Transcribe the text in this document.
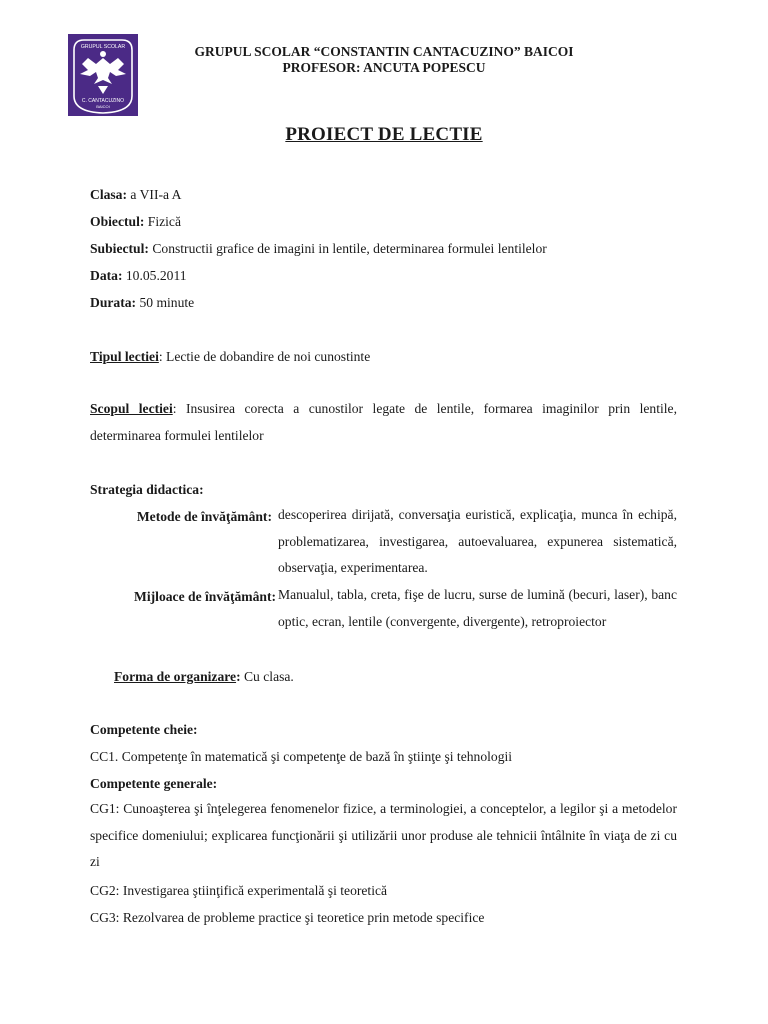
GRUPUL SCOLAR
C. CANTACUZINO
BAICOI
GRUPUL SCOLAR “CONSTANTIN CANTACUZINO” BAICOI
PROFESOR: ANCUTA POPESCU
PROIECT DE LECTIE
Clasa: a VII-a A
Obiectul: Fizică
Subiectul: Constructii grafice de imagini in lentile, determinarea formulei lentilelor
Data: 10.05.2011
Durata: 50 minute
Tipul lectiei: Lectie de dobandire de noi cunostinte
Scopul lectiei: Insusirea corecta a cunostilor legate de lentile, formarea imaginilor prin lentile, determinarea formulei lentilelor
Strategia didactica:
Metode de învăţământ: descoperirea dirijată, conversaţia euristică, explicaţia, munca în echipă, problematizarea, investigarea, autoevaluarea, expunerea sistematică, observaţia, experimentarea.
Mijloace de învăţământ: Manualul, tabla, creta, fişe de lucru, surse de lumină (becuri, laser), banc optic, ecran, lentile (convergente, divergente), retroproiector
Forma de organizare: Cu clasa.
Competente cheie:
CC1. Competenţe în matematică şi competenţe de bază în ştiinţe şi tehnologii
Competente generale:
CG1: Cunoaşterea şi înţelegerea fenomenelor fizice, a terminologiei, a conceptelor, a legilor şi a metodelor specifice domeniului; explicarea funcţionării şi utilizării unor produse ale tehnicii întâlnite în viaţa de zi cu zi
CG2: Investigarea ştiinţifică experimentală şi teoretică
CG3: Rezolvarea de probleme practice şi teoretice prin metode specifice
